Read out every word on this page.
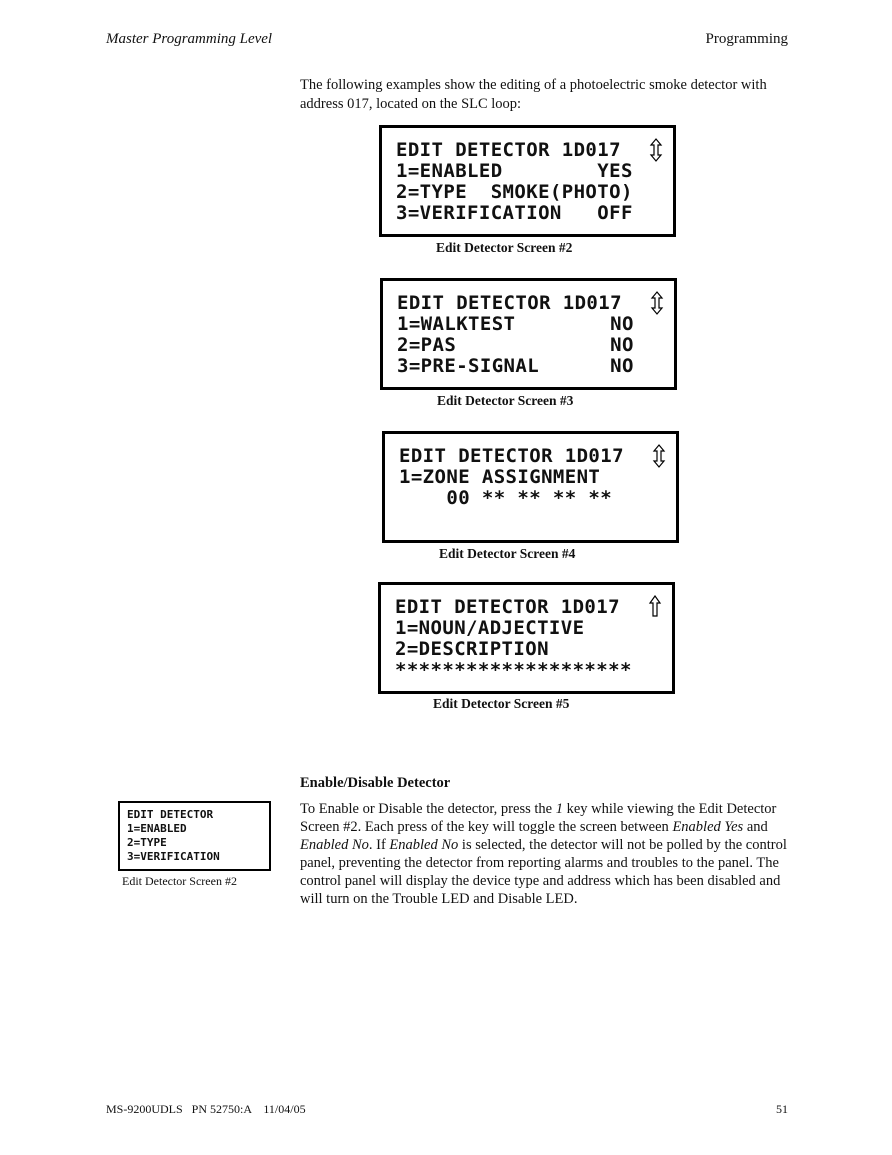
Master Programming Level	Programming
The following examples show the editing of a photoelectric smoke detector with address 017, located on the SLC loop:
EDIT DETECTOR 1D017
1=ENABLED        YES
2=TYPE  SMOKE(PHOTO)
3=VERIFICATION   OFF
Edit Detector Screen #2
EDIT DETECTOR 1D017
1=WALKTEST        NO
2=PAS             NO
3=PRE-SIGNAL      NO
Edit Detector Screen #3
EDIT DETECTOR 1D017
1=ZONE ASSIGNMENT
00 ** ** ** **
Edit Detector Screen #4
EDIT DETECTOR 1D017
1=NOUN/ADJECTIVE
2=DESCRIPTION
********************
Edit Detector Screen #5
Enable/Disable Detector
EDIT DETECTOR
1=ENABLED
2=TYPE
3=VERIFICATION
Edit Detector Screen #2
To Enable or Disable the detector, press the 1 key while viewing the Edit Detector Screen #2. Each press of the key will toggle the screen between Enabled Yes and Enabled No. If Enabled No is selected, the detector will not be polled by the control panel, preventing the detector from reporting alarms and troubles to the panel. The control panel will display the device type and address which has been disabled and will turn on the Trouble LED and Disable LED.
MS-9200UDLS   PN 52750:A    11/04/05	51
